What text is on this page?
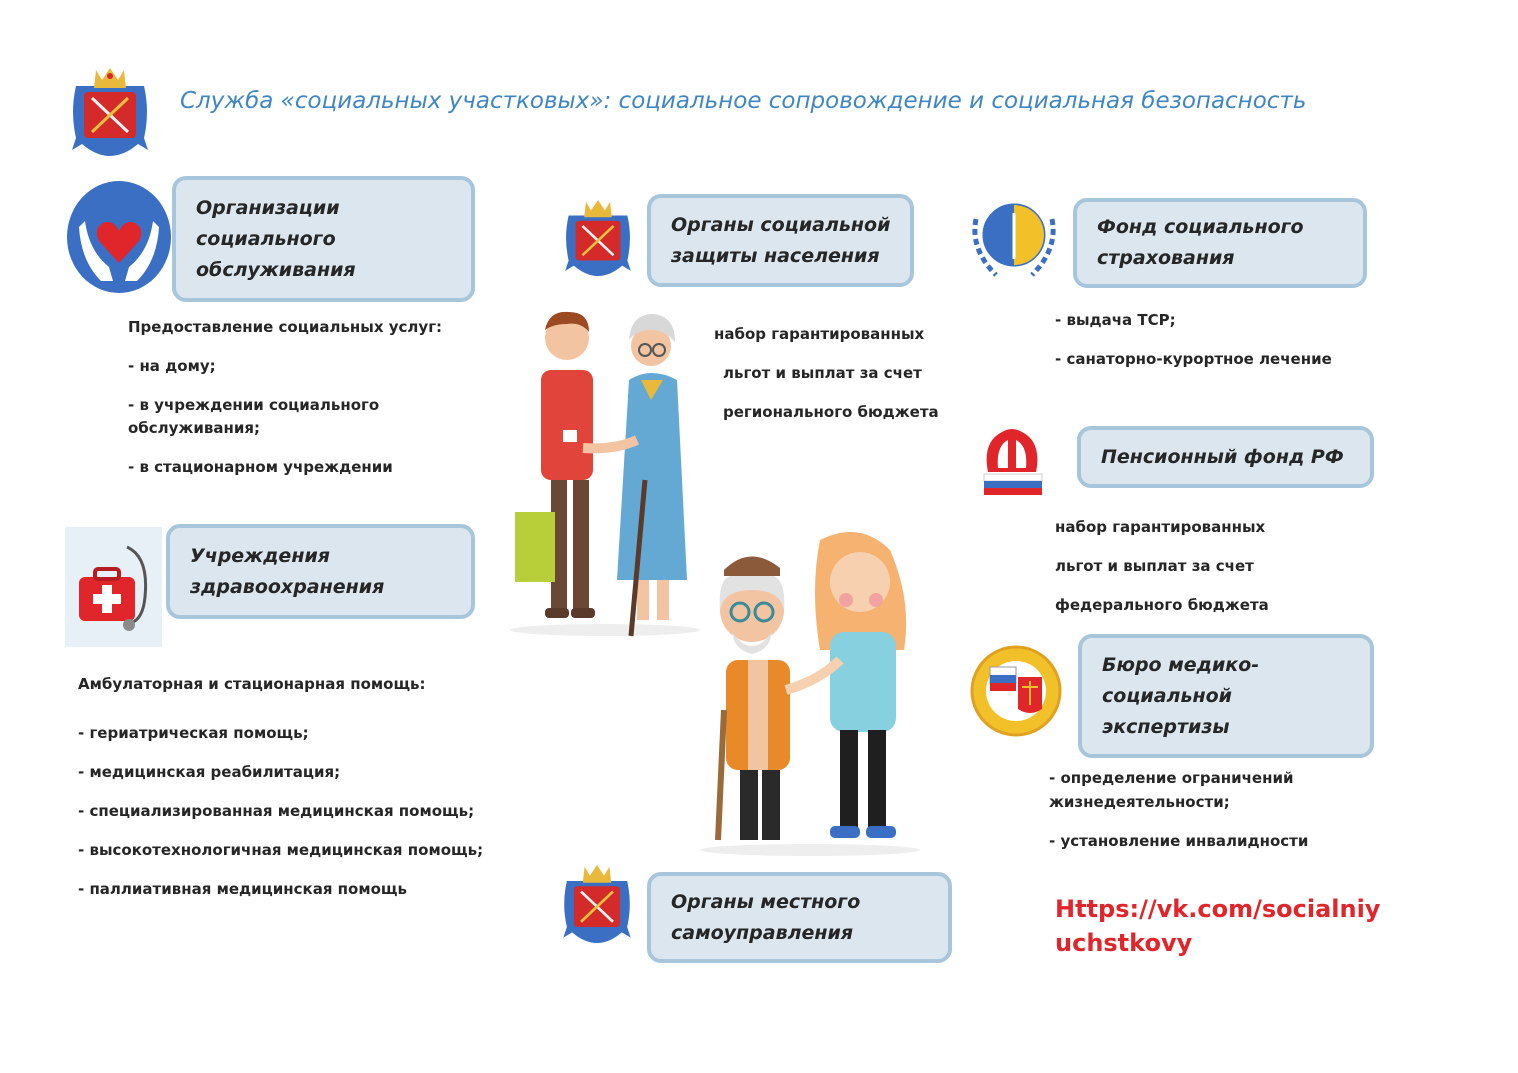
Служба «социальных участковых»: социальное сопровождение и социальная безопасность
Организации
социального
обслуживания
Предоставление социальных услуг:
- на дому;
- в учреждении социального
обслуживания;
- в стационарном учреждении
Учреждения
здравоохранения
Амбулаторная и стационарная помощь:
- гериатрическая помощь;
- медицинская реабилитация;
- специализированная медицинская помощь;
- высокотехнологичная медицинская помощь;
- паллиативная медицинская помощь
Органы социальной
защиты населения
набор гарантированных
льгот и выплат за счет
регионального бюджета
Органы местного
самоуправления
Фонд социального
страхования
- выдача ТСР;
- санаторно-курортное лечение
Пенсионный фонд РФ
набор гарантированных
льгот и выплат за счет
федерального бюджета
Бюро медико-
социальной
экспертизы
- определение ограничений
жизнедеятельности;
- установление инвалидности
Https://vk.com/socialniy
uchstkovy
